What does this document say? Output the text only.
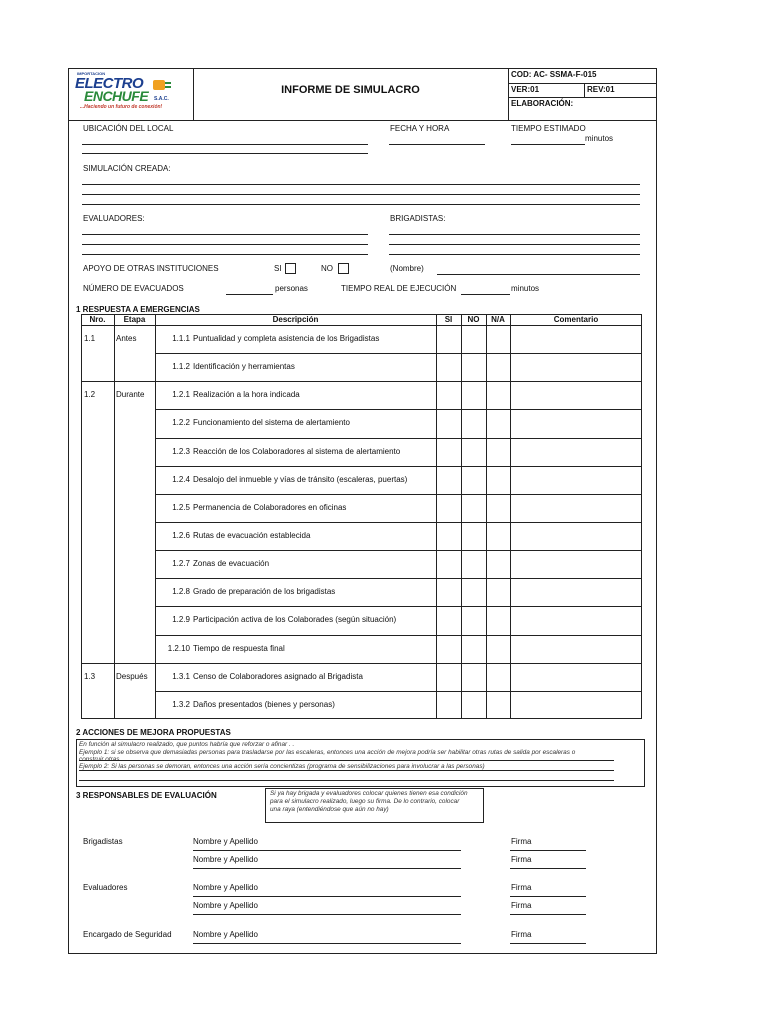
IMPORTACION
ELECTRO
ENCHUFE S.A.C.
...Haciendo un futuro de conexión!
INFORME DE SIMULACRO
COD: AC- SSMA-F-015
VER:01	REV:01
ELABORACIÓN:
UBICACIÓN DEL LOCAL	FECHA Y HORA	TIEMPO ESTIMADO
minutos
SIMULACIÓN CREADA:
EVALUADORES:	BRIGADISTAS:
APOYO DE OTRAS INSTITUCIONES	SI	NO	(Nombre)
NÚMERO DE EVACUADOS	personas	TIEMPO REAL DE EJECUCIÓN	minutos
1 RESPUESTA A EMERGENCIAS
Nro.	Etapa	Descripción	SI	NO	N/A	Comentario
1.1	Antes	1.1.1 Puntualidad y completa asistencia de los Brigadistas
1.1.2 Identificación y herramientas
1.2	Durante	1.2.1 Realización a la hora indicada
1.2.2 Funcionamiento del sistema de alertamiento
1.2.3 Reacción de los Colaboradores al sistema de alertamiento
1.2.4 Desalojo del inmueble y vías de tránsito (escaleras, puertas)
1.2.5 Permanencia de Colaboradores en oficinas
1.2.6 Rutas de evacuación establecida
1.2.7 Zonas de evacuación
1.2.8 Grado de preparación de los brigadistas
1.2.9 Participación activa de los Colaborades (según situación)
1.2.10 Tiempo de respuesta final
1.3	Después	1.3.1 Censo de Colaboradores asignado al Brigadista
1.3.2 Daños presentados (bienes y personas)
2 ACCIONES DE MEJORA PROPUESTAS
En función al simulacro realizado, que puntos habría que reforzar o afinar . .
Ejemplo 1: si se observa que demasiadas personas para trasladarse por las escaleras, entonces una acción de mejora podría ser habilitar otras rutas de salida por escaleras o
construir otras
Ejemplo 2: Si las personas se demoran, entonces una acción sería concientizas (programa de sensibilizaciones para involucrar a las personas)
3 RESPONSABLES DE EVALUACIÓN	Si ya hay brigada y evaluadores colocar quienes tienen esa condición
para el simulacro realizado, luego su firma. De lo contrario, colocar
una raya (entendiéndose que aún no hay)
Brigadistas	Nombre y Apellido	Firma
Nombre y Apellido	Firma
Evaluadores	Nombre y Apellido	Firma
Nombre y Apellido	Firma
Encargado de Seguridad	Nombre y Apellido	Firma
